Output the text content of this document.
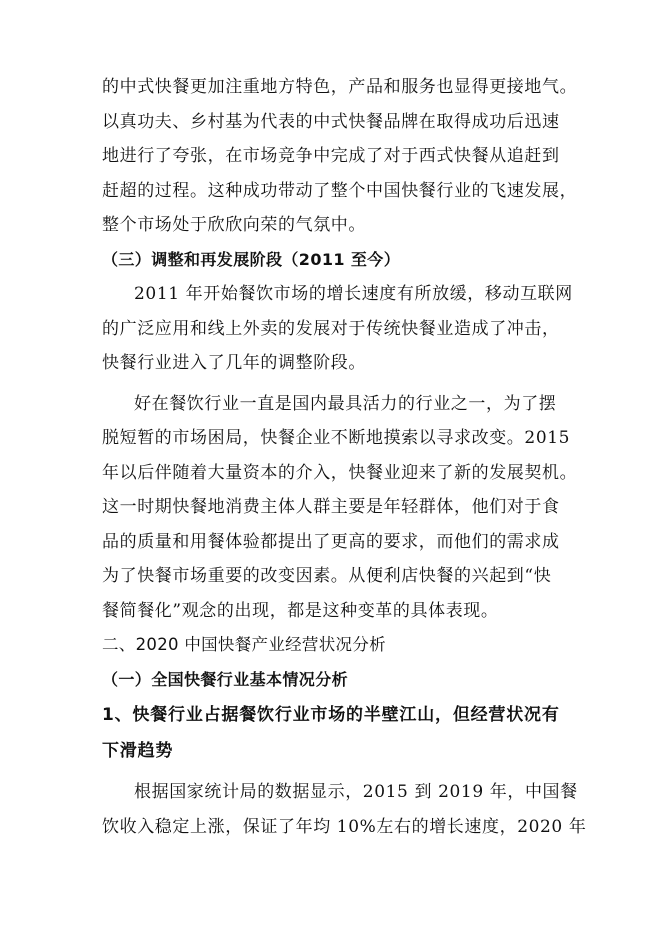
的中式快餐更加注重地方特色，产品和服务也显得更接地气。
以真功夫、乡村基为代表的中式快餐品牌在取得成功后迅速
地进行了夸张，在市场竞争中完成了对于西式快餐从追赶到
赶超的过程。这种成功带动了整个中国快餐行业的飞速发展，
整个市场处于欣欣向荣的气氛中。
（三）调整和再发展阶段（2011 至今）
2011 年开始餐饮市场的增长速度有所放缓，移动互联网
的广泛应用和线上外卖的发展对于传统快餐业造成了冲击，
快餐行业进入了几年的调整阶段。
好在餐饮行业一直是国内最具活力的行业之一，为了摆
脱短暂的市场困局，快餐企业不断地摸索以寻求改变。2015
年以后伴随着大量资本的介入，快餐业迎来了新的发展契机。
这一时期快餐地消费主体人群主要是年轻群体，他们对于食
品的质量和用餐体验都提出了更高的要求，而他们的需求成
为了快餐市场重要的改变因素。从便利店快餐的兴起到“快
餐简餐化”观念的出现，都是这种变革的具体表现。
二、2020 中国快餐产业经营状况分析
（一）全国快餐行业基本情况分析
1、快餐行业占据餐饮行业市场的半壁江山，但经营状况有
下滑趋势
根据国家统计局的数据显示，2015 到 2019 年，中国餐
饮收入稳定上涨，保证了年均 10%左右的增长速度，2020 年
